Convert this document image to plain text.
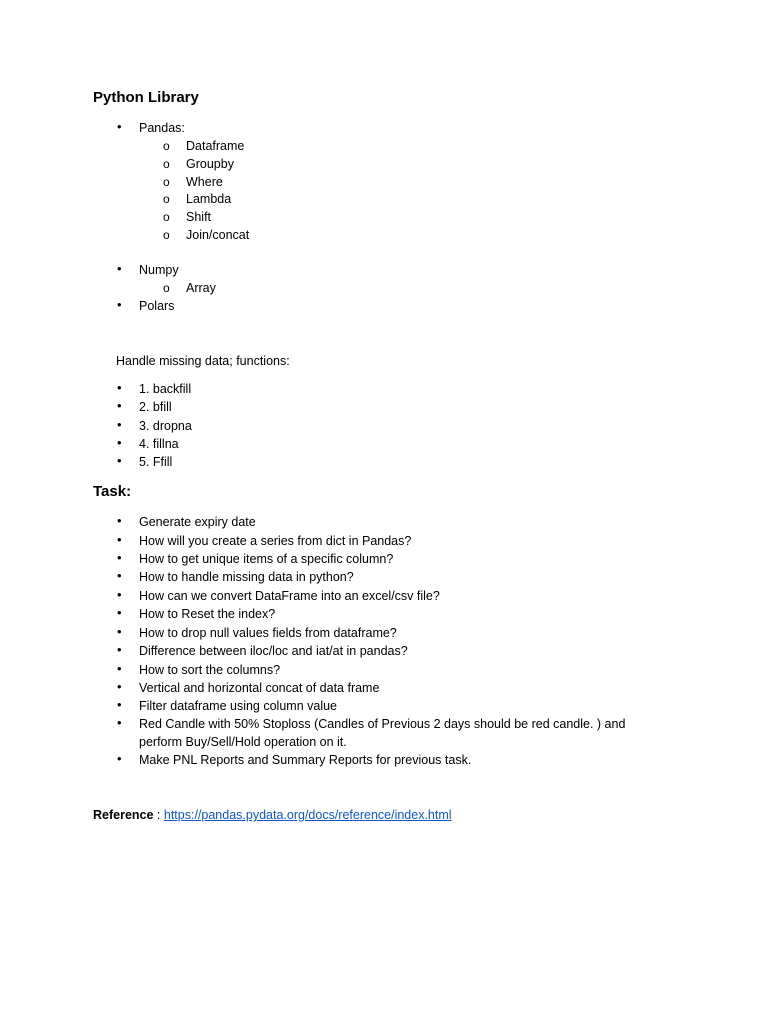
Python Library
• Pandas:
o Dataframe
o Groupby
o Where
o Lambda
o Shift
o Join/concat
• Numpy
o Array
• Polars
Handle missing data; functions:
• 1. backfill
• 2. bfill
• 3. dropna
• 4. fillna
• 5. Ffill
Task:
• Generate expiry date
• How will you create a series from dict in Pandas?
• How to get unique items of a specific column?
• How to handle missing data in python?
• How can we convert DataFrame into an excel/csv file?
• How to Reset the index?
• How to drop null values fields from dataframe?
• Difference between iloc/loc and iat/at in pandas?
• How to sort the columns?
• Vertical and horizontal concat of data frame
• Filter dataframe using column value
• Red Candle with 50% Stoploss (Candles of Previous 2 days should be red candle. ) and
perform Buy/Sell/Hold operation on it.
• Make PNL Reports and Summary Reports for previous task.
Reference : https://pandas.pydata.org/docs/reference/index.html
